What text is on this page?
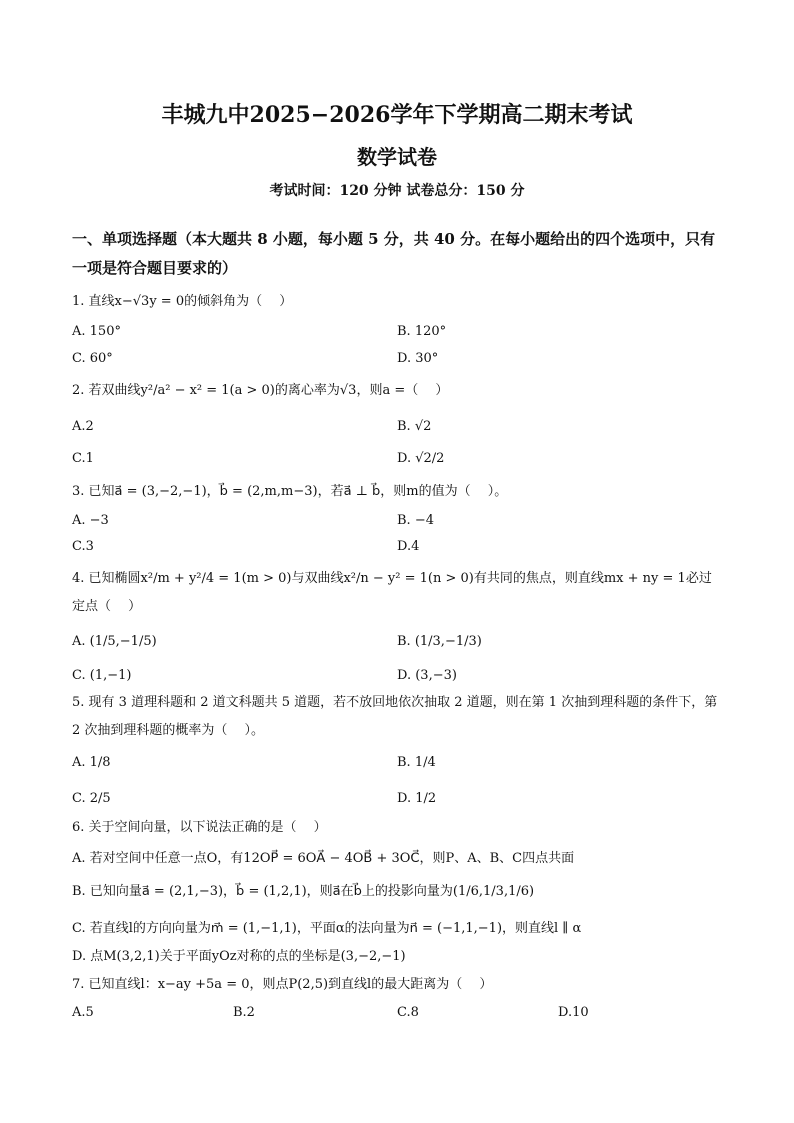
丰城九中2025−2026学年下学期高二期末考试
数学试卷
考试时间：120 分钟 试卷总分：150 分
一、单项选择题（本大题共 8 小题，每小题 5 分，共 40 分。在每小题给出的四个选项中，只有一项是符合题目要求的）
1. 直线x−√3y = 0的倾斜角为（　 ）
A. 150°	B. 120°
C. 60°	D. 30°
2. 若双曲线y²/a² − x² = 1(a > 0)的离心率为√3，则a =（　 ）
A.2	B. √2
C.1	D. √2/2
3. 已知a⃗ = (3,−2,−1)，b⃗ = (2,m,m−3)，若a⃗ ⊥ b⃗，则m的值为（　 ）。
A. −3	B. −4
C.3	D.4
4. 已知椭圆x²/m + y²/4 = 1(m > 0)与双曲线x²/n − y² = 1(n > 0)有共同的焦点，则直线mx + ny = 1必过定点（　 ）
A. (1/5,−1/5)	B. (1/3,−1/3)
C. (1,−1)	D. (3,−3)
5. 现有 3 道理科题和 2 道文科题共 5 道题，若不放回地依次抽取 2 道题，则在第 1 次抽到理科题的条件下，第 2 次抽到理科题的概率为（　 ）。
A. 1/8	B. 1/4
C. 2/5	D. 1/2
6. 关于空间向量，以下说法正确的是（　 ）
A. 若对空间中任意一点O，有12OP⃗ = 6OA⃗ − 4OB⃗ + 3OC⃗，则P、A、B、C四点共面
B. 已知向量a⃗ = (2,1,−3)，b⃗ = (1,2,1)，则a⃗在b⃗上的投影向量为(1/6,1/3,1/6)
C. 若直线l的方向向量为m⃗ = (1,−1,1)，平面α的法向量为n⃗ = (−1,1,−1)，则直线l ∥ α
D. 点M(3,2,1)关于平面yOz对称的点的坐标是(3,−2,−1)
7. 已知直线l：x−ay +5a = 0，则点P(2,5)到直线l的最大距离为（　 ）
A.5	B.2	C.8	D.10
